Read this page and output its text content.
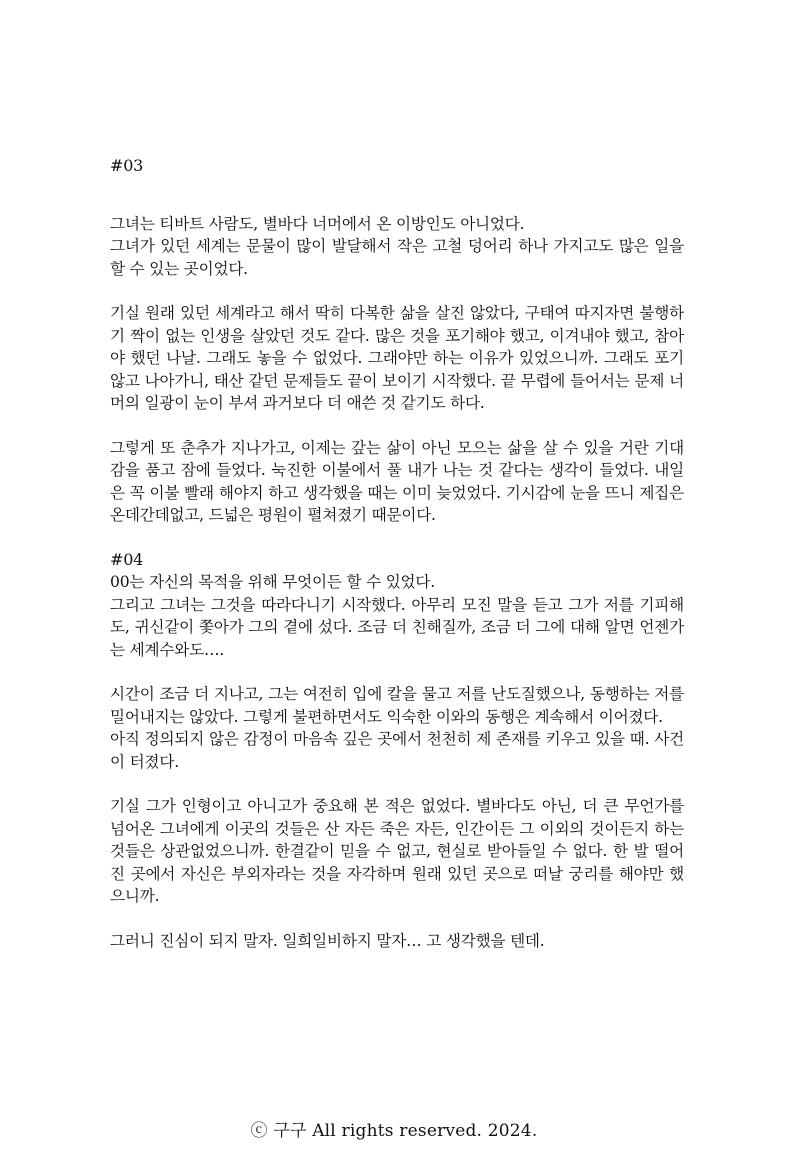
#03

그녀는 티바트 사람도, 별바다 너머에서 온 이방인도 아니었다.

그녀가 있던 세계는 문물이 많이 발달해서 작은 고철 덩어리 하나 가지고도 많은 일을 할 수 있는 곳이었다.

기실 원래 있던 세계라고 해서 딱히 다복한 삶을 살진 않았다, 구태여 따지자면 불행하기 짝이 없는 인생을 살았던 것도 같다. 많은 것을 포기해야 했고, 이겨내야 했고, 참아야 했던 나날. 그래도 놓을 수 없었다. 그래야만 하는 이유가 있었으니까. 그래도 포기 않고 나아가니, 태산 같던 문제들도 끝이 보이기 시작했다. 끝 무렵에 들어서는 문제 너머의 일광이 눈이 부셔 과거보다 더 애쓴 것 같기도 하다.

그렇게 또 춘추가 지나가고, 이제는 갚는 삶이 아닌 모으는 삶을 살 수 있을 거란 기대감을 품고 잠에 들었다. 눅진한 이불에서 풀 내가 나는 것 같다는 생각이 들었다. 내일은 꼭 이불 빨래 해야지 하고 생각했을 때는 이미 늦었었다. 기시감에 눈을 뜨니 제집은 온데간데없고, 드넓은 평원이 펼쳐졌기 때문이다.

#04

00는 자신의 목적을 위해 무엇이든 할 수 있었다.

그리고 그녀는 그것을 따라다니기 시작했다. 아무리 모진 말을 듣고 그가 저를 기피해도, 귀신같이 쫓아가 그의 곁에 섰다. 조금 더 친해질까, 조금 더 그에 대해 알면 언젠가는 세계수와도….

시간이 조금 더 지나고, 그는 여전히 입에 칼을 물고 저를 난도질했으나, 동행하는 저를 밀어내지는 않았다. 그렇게 불편하면서도 익숙한 이와의 동행은 계속해서 이어졌다.

아직 정의되지 않은 감정이 마음속 깊은 곳에서 천천히 제 존재를 키우고 있을 때. 사건이 터졌다.

기실 그가 인형이고 아니고가 중요해 본 적은 없었다. 별바다도 아닌, 더 큰 무언가를 넘어온 그녀에게 이곳의 것들은 산 자든 죽은 자든, 인간이든 그 이외의 것이든지 하는 것들은 상관없었으니까. 한결같이 믿을 수 없고, 현실로 받아들일 수 없다. 한 발 떨어진 곳에서 자신은 부외자라는 것을 자각하며 원래 있던 곳으로 떠날 궁리를 해야만 했으니까.

그러니 진심이 되지 말자. 일희일비하지 말자… 고 생각했을 텐데.

ⓒ 구구 All rights reserved. 2024.
